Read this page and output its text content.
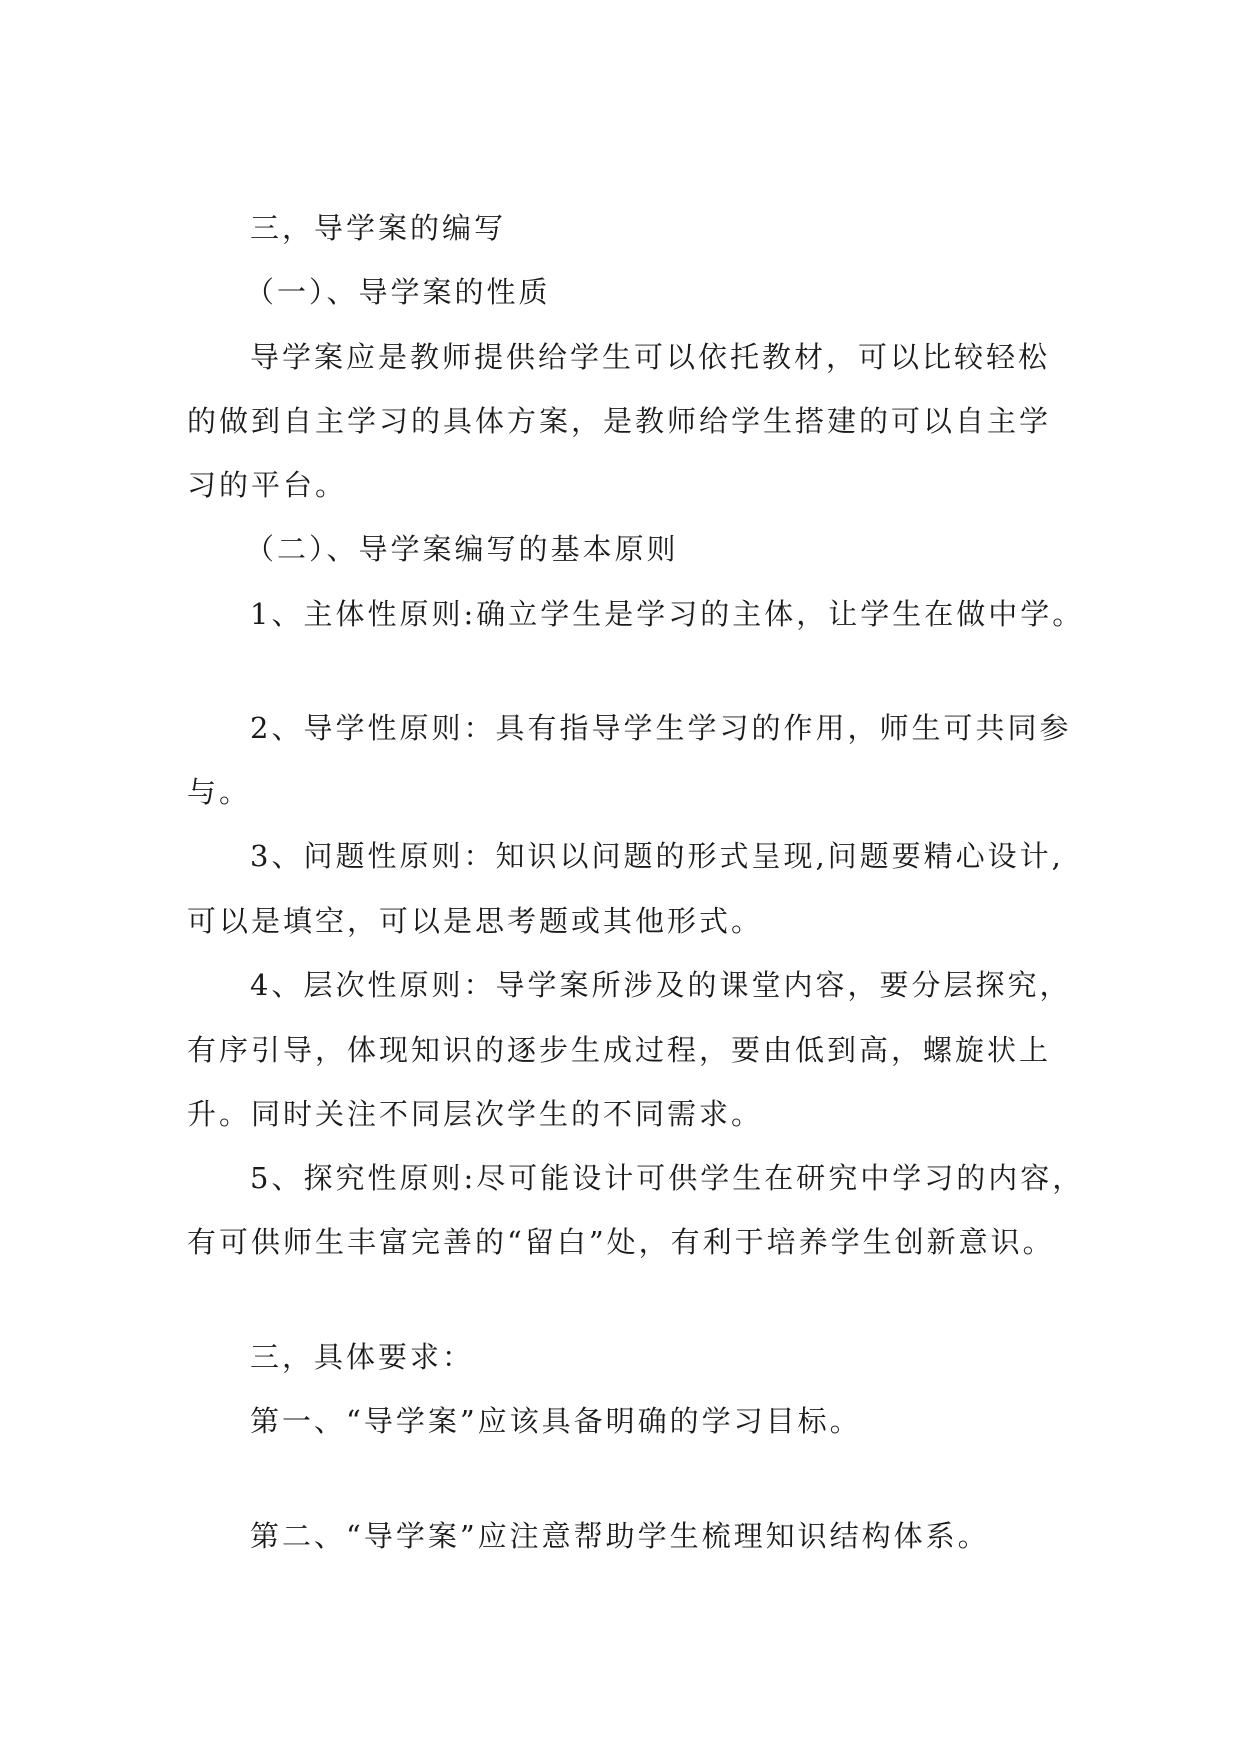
三，导学案的编写
（一）、导学案的性质
导学案应是教师提供给学生可以依托教材，可以比较轻松
的做到自主学习的具体方案，是教师给学生搭建的可以自主学
习的平台。
（二）、导学案编写的基本原则
1、主体性原则:确立学生是学习的主体，让学生在做中学。
2、导学性原则：具有指导学生学习的作用，师生可共同参
与。
3、问题性原则：知识以问题的形式呈现,问题要精心设计,
可以是填空，可以是思考题或其他形式。
4、层次性原则：导学案所涉及的课堂内容，要分层探究，
有序引导，体现知识的逐步生成过程，要由低到高，螺旋状上
升。同时关注不同层次学生的不同需求。
5、探究性原则:尽可能设计可供学生在研究中学习的内容，
有可供师生丰富完善的“留白”处，有利于培养学生创新意识。
三，具体要求：
第一、“导学案”应该具备明确的学习目标。
第二、“导学案”应注意帮助学生梳理知识结构体系。
